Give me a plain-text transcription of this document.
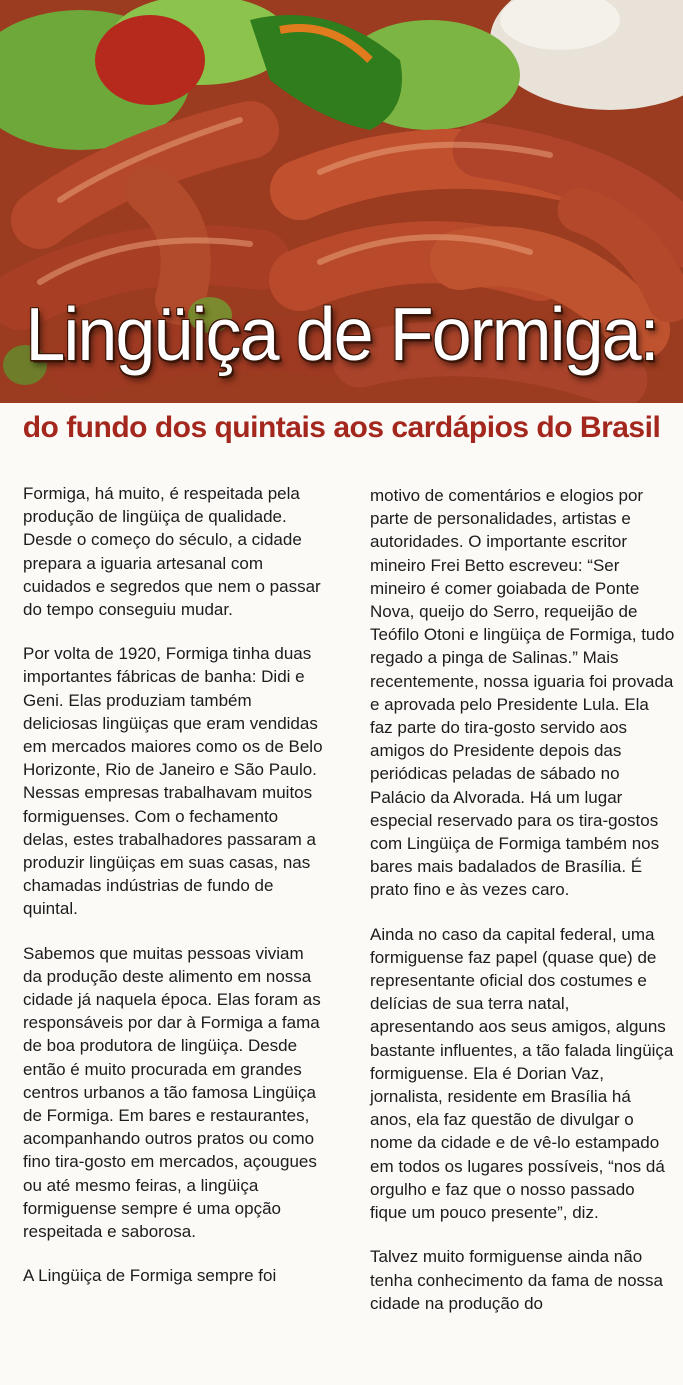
Lingüiça de Formiga:
do fundo dos quintais aos cardápios do Brasil

Formiga, há muito, é respeitada pela produção de lingüiça de qualidade. Desde o começo do século, a cidade prepara a iguaria artesanal com cuidados e segredos que nem o passar do tempo conseguiu mudar.

Por volta de 1920, Formiga tinha duas importantes fábricas de banha: Didi e Geni. Elas produziam também deliciosas lingüiças que eram vendidas em mercados maiores como os de Belo Horizonte, Rio de Janeiro e São Paulo. Nessas empresas trabalhavam muitos formiguenses. Com o fechamento delas, estes trabalhadores passaram a produzir lingüiças em suas casas, nas chamadas indústrias de fundo de quintal.

Sabemos que muitas pessoas viviam da produção deste alimento em nossa cidade já naquela época. Elas foram as responsáveis por dar à Formiga a fama de boa produtora de lingüiça. Desde então é muito procurada em grandes centros urbanos a tão famosa Lingüiça de Formiga. Em bares e restaurantes, acompanhando outros pratos ou como fino tira-gosto em mercados, açougues ou até mesmo feiras, a lingüiça formiguense sempre é uma opção respeitada e saborosa.

A Lingüiça de Formiga sempre foi

motivo de comentários e elogios por parte de personalidades, artistas e autoridades. O importante escritor mineiro Frei Betto escreveu: “Ser mineiro é comer goiabada de Ponte Nova, queijo do Serro, requeijão de Teófilo Otoni e lingüiça de Formiga, tudo regado a pinga de Salinas.” Mais recentemente, nossa iguaria foi provada e aprovada pelo Presidente Lula. Ela faz parte do tira-gosto servido aos amigos do Presidente depois das periódicas peladas de sábado no Palácio da Alvorada. Há um lugar especial reservado para os tira-gostos com Lingüiça de Formiga também nos bares mais badalados de Brasília. É prato fino e às vezes caro.

Ainda no caso da capital federal, uma formiguense faz papel (quase que) de representante oficial dos costumes e delícias de sua terra natal, apresentando aos seus amigos, alguns bastante influentes, a tão falada lingüiça formiguense. Ela é Dorian Vaz, jornalista, residente em Brasília há anos, ela faz questão de divulgar o nome da cidade e de vê-lo estampado em todos os lugares possíveis, “nos dá orgulho e faz que o nosso passado fique um pouco presente”, diz.

Talvez muito formiguense ainda não tenha conhecimento da fama de nossa cidade na produção do
